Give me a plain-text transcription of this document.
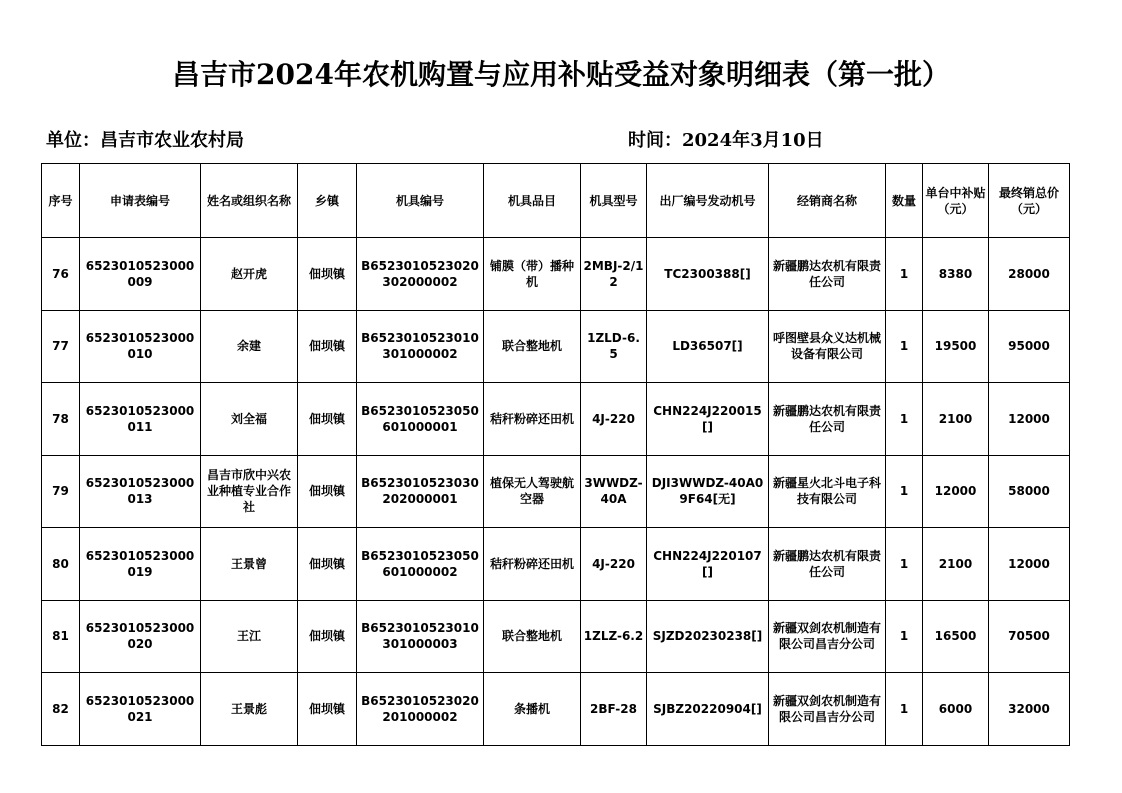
昌吉市2024年农机购置与应用补贴受益对象明细表（第一批）
单位：昌吉市农业农村局	时间：2024年3月10日
序号	申请表编号	姓名或组织名称	乡镇	机具编号	机具品目	机具型号	出厂编号发动机号	经销商名称	数量	单台中补贴（元）	最终销总价（元）
76	6523010523000009	赵开虎	佃坝镇	B6523010523020302000002	铺膜（带）播种机	2MBJ-2/12	TC2300388[]	新疆鹏达农机有限责任公司	1	8380	28000
77	6523010523000010	余建	佃坝镇	B6523010523010301000002	联合整地机	1ZLD-6.5	LD36507[]	呼图壁县众义达机械设备有限公司	1	19500	95000
78	6523010523000011	刘全福	佃坝镇	B6523010523050601000001	秸秆粉碎还田机	4J-220	CHN224J220015[]	新疆鹏达农机有限责任公司	1	2100	12000
79	6523010523000013	昌吉市欣中兴农业种植专业合作社	佃坝镇	B6523010523030202000001	植保无人驾驶航空器	3WWDZ-40A	DJI3WWDZ-40A09F64[无]	新疆星火北斗电子科技有限公司	1	12000	58000
80	6523010523000019	王景曾	佃坝镇	B6523010523050601000002	秸秆粉碎还田机	4J-220	CHN224J220107[]	新疆鹏达农机有限责任公司	1	2100	12000
81	6523010523000020	王江	佃坝镇	B6523010523010301000003	联合整地机	1ZLZ-6.2	SJZD20230238[]	新疆双剑农机制造有限公司昌吉分公司	1	16500	70500
82	6523010523000021	王景彪	佃坝镇	B6523010523020201000002	条播机	2BF-28	SJBZ20220904[]	新疆双剑农机制造有限公司昌吉分公司	1	6000	32000
